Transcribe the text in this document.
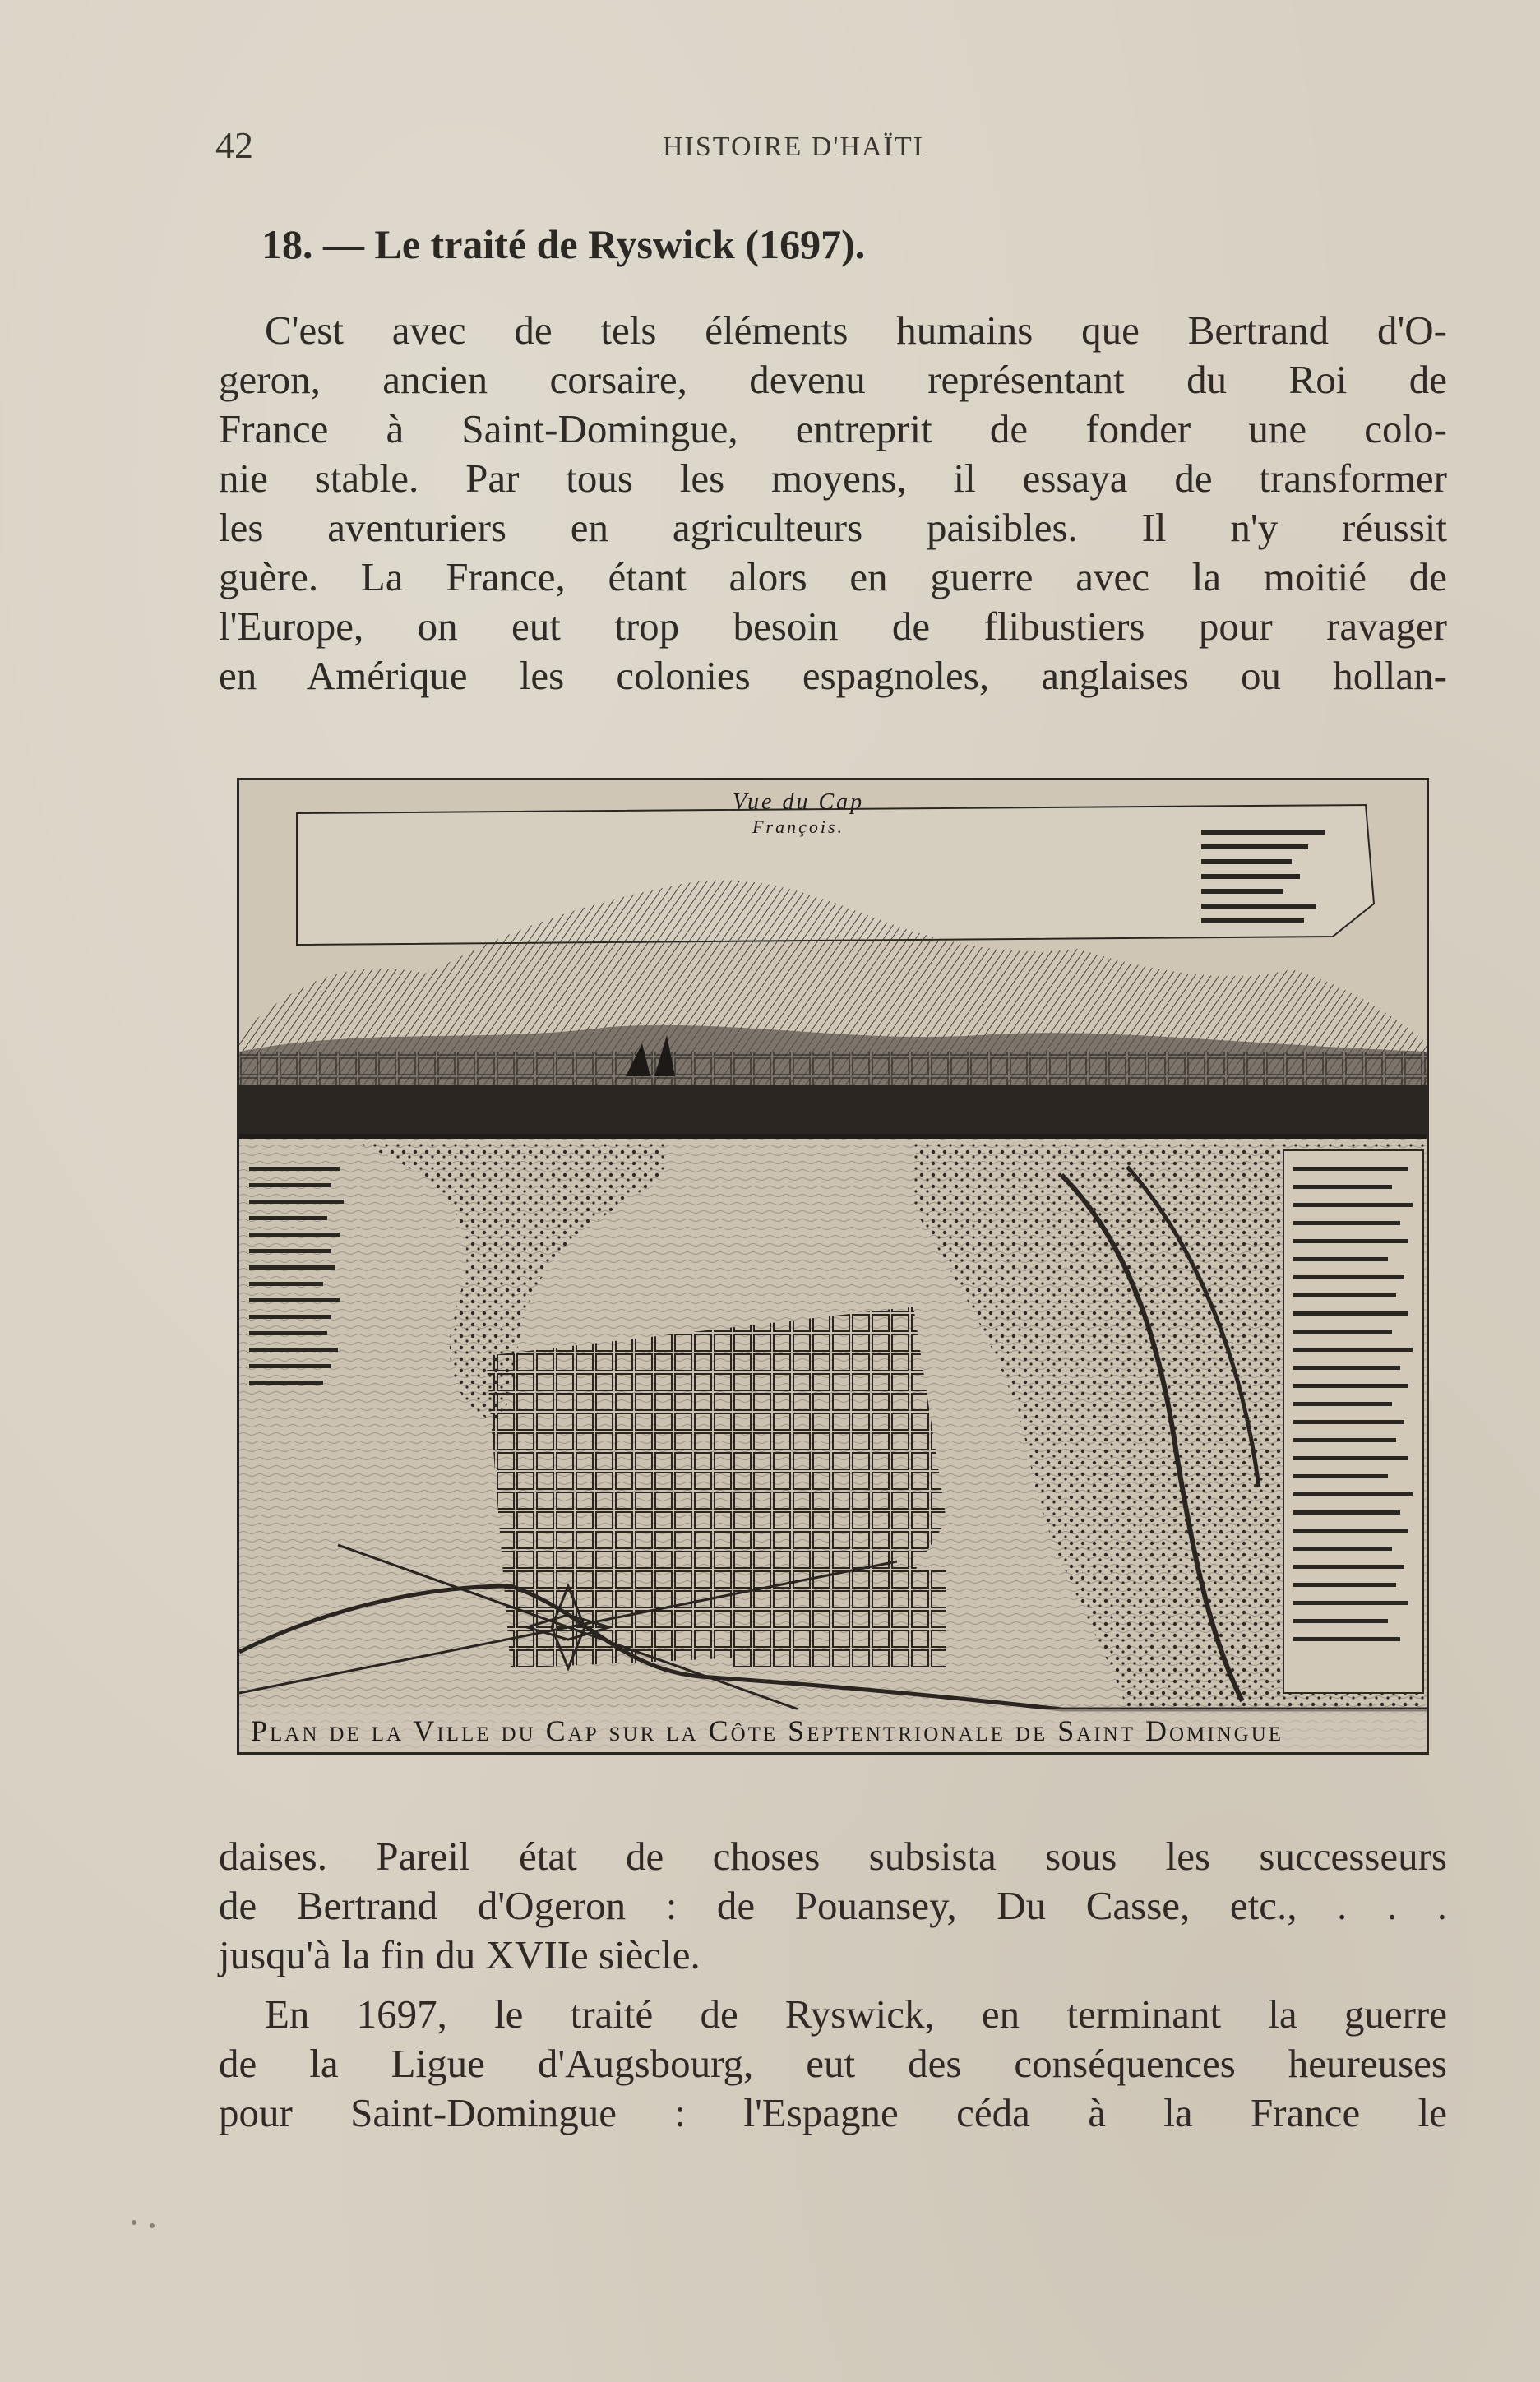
42	HISTOIRE D'HAÏTI
18. — Le traité de Ryswick (1697).
C'est avec de tels éléments humains que Bertrand d'O-
geron, ancien corsaire, devenu représentant du Roi de
France à Saint-Domingue, entreprit de fonder une colo-
nie stable. Par tous les moyens, il essaya de transformer
les aventuriers en agriculteurs paisibles. Il n'y réussit
guère. La France, étant alors en guerre avec la moitié de
l'Europe, on eut trop besoin de flibustiers pour ravager
en Amérique les colonies espagnoles, anglaises ou hollan-
Vue du Cap
François.
Plan de la Ville du Cap sur la Côte Septentrionale de Saint Domingue
daises. Pareil état de choses subsista sous les successeurs
de Bertrand d'Ogeron : de Pouansey, Du Casse, etc., . . .
jusqu'à la fin du XVIIe siècle.
En 1697, le traité de Ryswick, en terminant la guerre
de la Ligue d'Augsbourg, eut des conséquences heureuses
pour Saint-Domingue : l'Espagne céda à la France le
